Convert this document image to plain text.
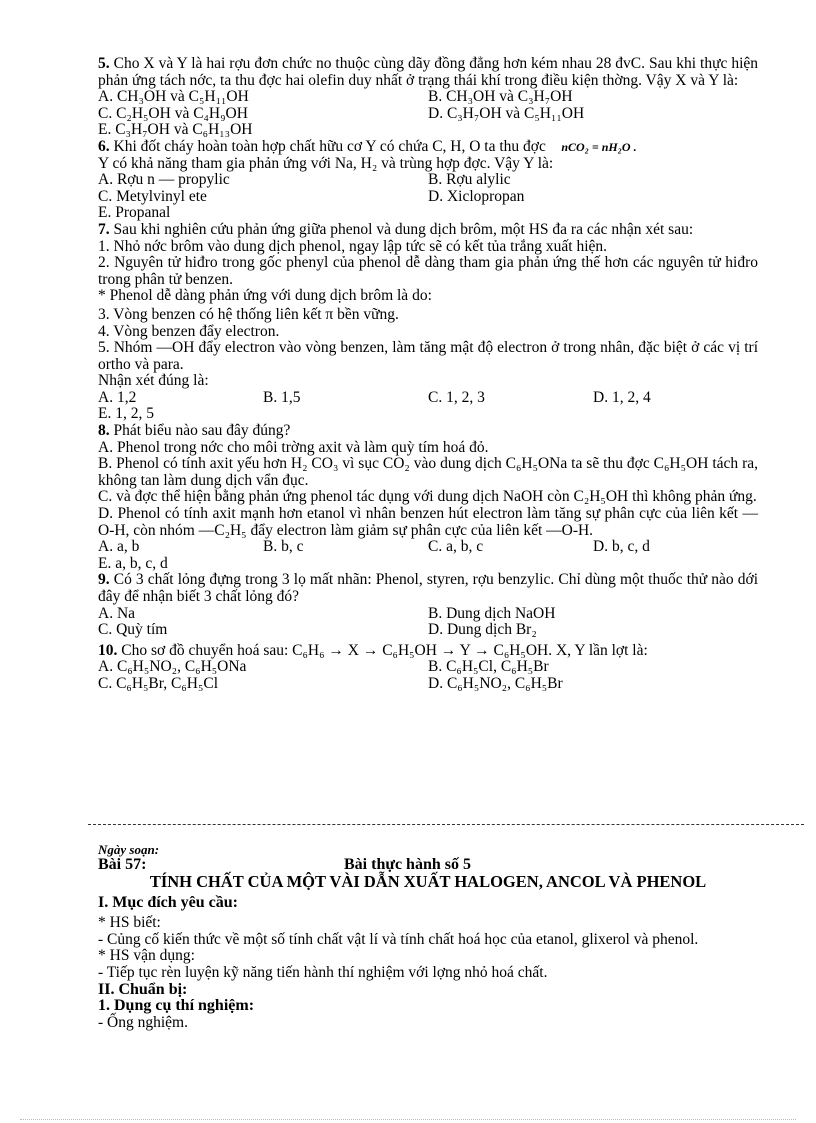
5. Cho X và Y là hai rợu đơn chức no thuộc cùng dãy đồng đẳng hơn kém nhau 28 đvC. Sau khi thực hiện phản ứng tách nớc, ta thu đợc hai olefin duy nhất ở trạng thái khí trong điều kiện thờng. Vậy X và Y là:

A. CH₃OH và C₅H₁₁OH	B. CH₃OH và C₃H₇OH
C. C₂H₅OH và C₄H₉OH	D. C₃H₇OH và C₅H₁₁OH

E. C₃H₇OH và C₆H₁₃OH

6. Khi đốt cháy hoàn toàn hợp chất hữu cơ Y có chứa C, H, O ta thu đợc nCO₂ = nH₂O .

Y có khả năng tham gia phản ứng với Na, H₂ và trùng hợp đợc. Vậy Y là:

A. Rợu n — propylic	B. Rợu alylic
C. Metylvinyl ete	D. Xiclopropan

E. Propanal

7. Sau khi nghiên cứu phản ứng giữa phenol và dung dịch brôm, một HS đa ra các nhận xét sau:

1. Nhỏ nớc brôm vào dung dịch phenol, ngay lập tức sẽ có kết tủa trắng xuất hiện.

2. Nguyên tử hiđro trong gốc phenyl của phenol dễ dàng tham gia phản ứng thế hơn các nguyên tử hiđro trong phân tử benzen.

* Phenol dễ dàng phản ứng với dung dịch brôm là do:

3. Vòng benzen có hệ thống liên kết π bền vững.

4. Vòng benzen đẩy electron.

5. Nhóm —OH đẩy electron vào vòng benzen, làm tăng mật độ electron ở trong nhân, đặc biệt ở các vị trí ortho và para.

Nhận xét đúng là:

A. 1,2	B. 1,5	C. 1, 2, 3	D. 1, 2, 4

E. 1, 2, 5

8. Phát biểu nào sau đây đúng?

A. Phenol trong nớc cho môi trờng axit và làm quỳ tím hoá đỏ.

B. Phenol có tính axit yếu hơn H₂ CO₃ vì sục CO₂ vào dung dịch C₆H₅ONa ta sẽ thu đợc C₆H₅OH tách ra, không tan làm dung dịch vẩn đục.

C. và đợc thể hiện bằng phản ứng phenol tác dụng với dung dịch NaOH còn C₂H₅OH thì không phản ứng.

D. Phenol có tính axit mạnh hơn etanol vì nhân benzen hút electron làm tăng sự phân cực của liên kết —O-H, còn nhóm —C₂H₅ đẩy electron làm giảm sự phân cực của liên kết —O-H.

A. a, b	B. b, c	C. a, b, c	D. b, c, d

E. a, b, c, d

9. Có 3 chất lỏng đựng trong 3 lọ mất nhãn: Phenol, styren, rợu benzylic. Chỉ dùng một thuốc thử nào dới đây để nhận biết 3 chất lỏng đó?

A. Na	B. Dung dịch NaOH
C. Quỳ tím	D. Dung dịch Br₂

10. Cho sơ đồ chuyển hoá sau: C₆H₆ → X → C₆H₅OH → Y → C₆H₅OH. X, Y lần lợt là:

A. C₆H₅NO₂, C₆H₅ONa	B. C₆H₅Cl, C₆H₅Br
C. C₆H₅Br, C₆H₅Cl	D. C₆H₅NO₂, C₆H₅Br

Ngày soạn:

Bài 57:	Bài thực hành số 5

TÍNH CHẤT CỦA MỘT VÀI DẪN XUẤT HALOGEN, ANCOL VÀ PHENOL

I. Mục đích yêu cầu:

* HS biết:

- Củng cố kiến thức về một số tính chất vật lí và tính chất hoá học của etanol, glixerol và phenol.

* HS vận dụng:

- Tiếp tục rèn luyện kỹ năng tiến hành thí nghiệm với lợng nhỏ hoá chất.

II. Chuẩn bị:

1. Dụng cụ thí nghiệm:

- Ống nghiệm.
